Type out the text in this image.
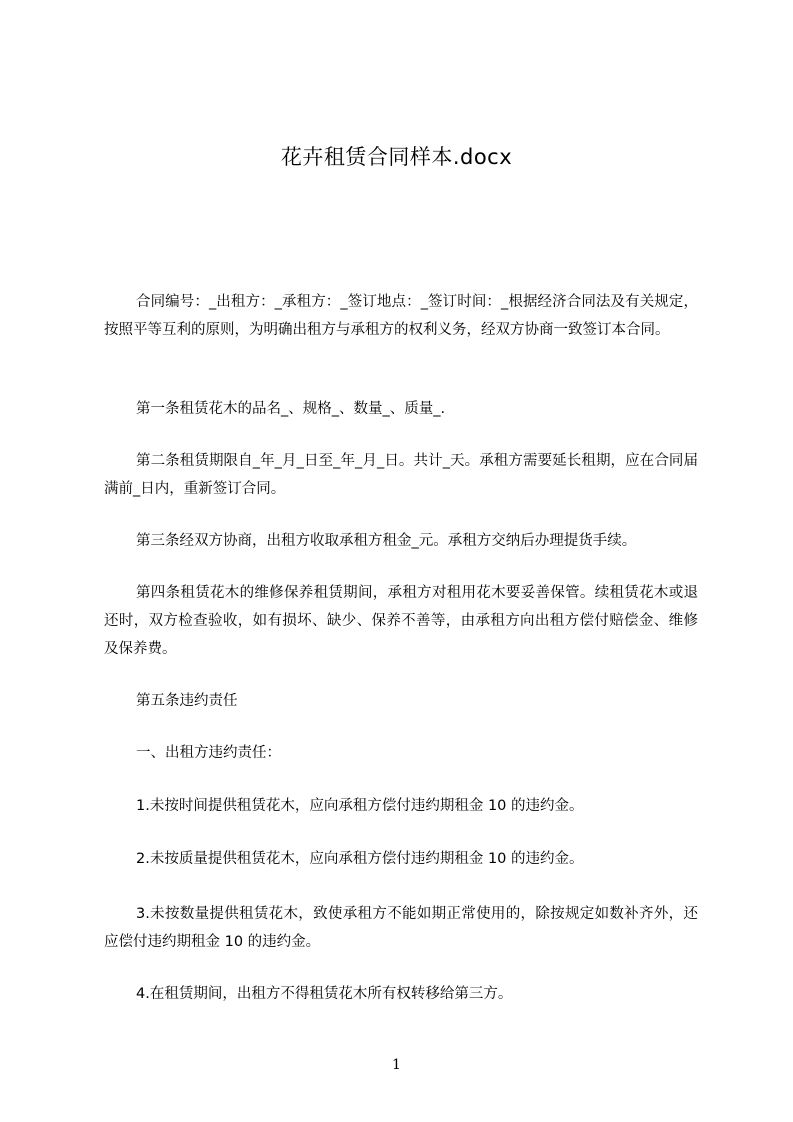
花卉租赁合同样本.docx

合同编号：_出租方：_承租方：_签订地点：_签订时间：_根据经济合同法及有关规定，按照平等互利的原则，为明确出租方与承租方的权利义务，经双方协商一致签订本合同。

第一条租赁花木的品名_、规格_、数量_、质量_.

第二条租赁期限自_年_月_日至_年_月_日。共计_天。承租方需要延长租期，应在合同届满前_日内，重新签订合同。

第三条经双方协商，出租方收取承租方租金_元。承租方交纳后办理提货手续。

第四条租赁花木的维修保养租赁期间，承租方对租用花木要妥善保管。续租赁花木或退还时，双方检查验收，如有损坏、缺少、保养不善等，由承租方向出租方偿付赔偿金、维修及保养费。

第五条违约责任

一、出租方违约责任：

1.未按时间提供租赁花木，应向承租方偿付违约期租金 10 的违约金。

2.未按质量提供租赁花木，应向承租方偿付违约期租金 10 的违约金。

3.未按数量提供租赁花木，致使承租方不能如期正常使用的，除按规定如数补齐外，还应偿付违约期租金 10 的违约金。

4.在租赁期间，出租方不得租赁花木所有权转移给第三方。

1
